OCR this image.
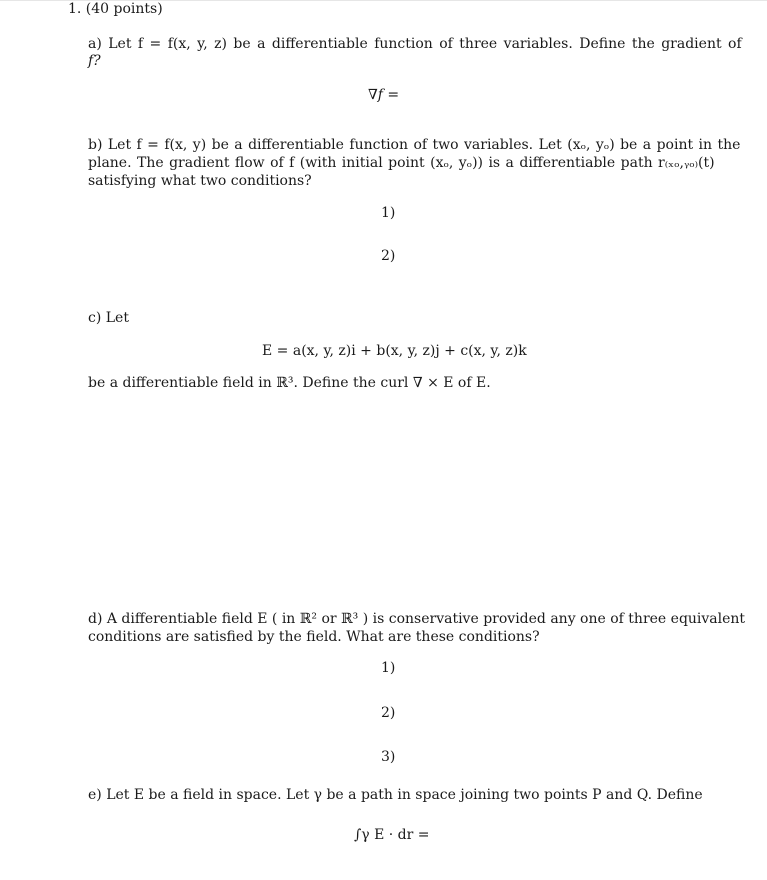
1. (40 points)
a) Let f = f(x, y, z) be a differentiable function of three variables. Define the gradient of
f?
∇f =
b) Let f = f(x, y) be a differentiable function of two variables. Let (xₒ, yₒ) be a point in the
plane. The gradient flow of f (with initial point (xₒ, yₒ)) is a differentiable path r₍ₓₒ,ᵧₒ₎(t)
satisfying what two conditions?
1)
2)
c) Let
E = a(x, y, z)i + b(x, y, z)j + c(x, y, z)k
be a differentiable field in ℝ³. Define the curl ∇ × E of E.
d) A differentiable field E ( in ℝ² or ℝ³ ) is conservative provided any one of three equivalent
conditions are satisfied by the field. What are these conditions?
1)
2)
3)
e) Let E be a field in space. Let γ be a path in space joining two points P and Q. Define
∫γ E · dr =
